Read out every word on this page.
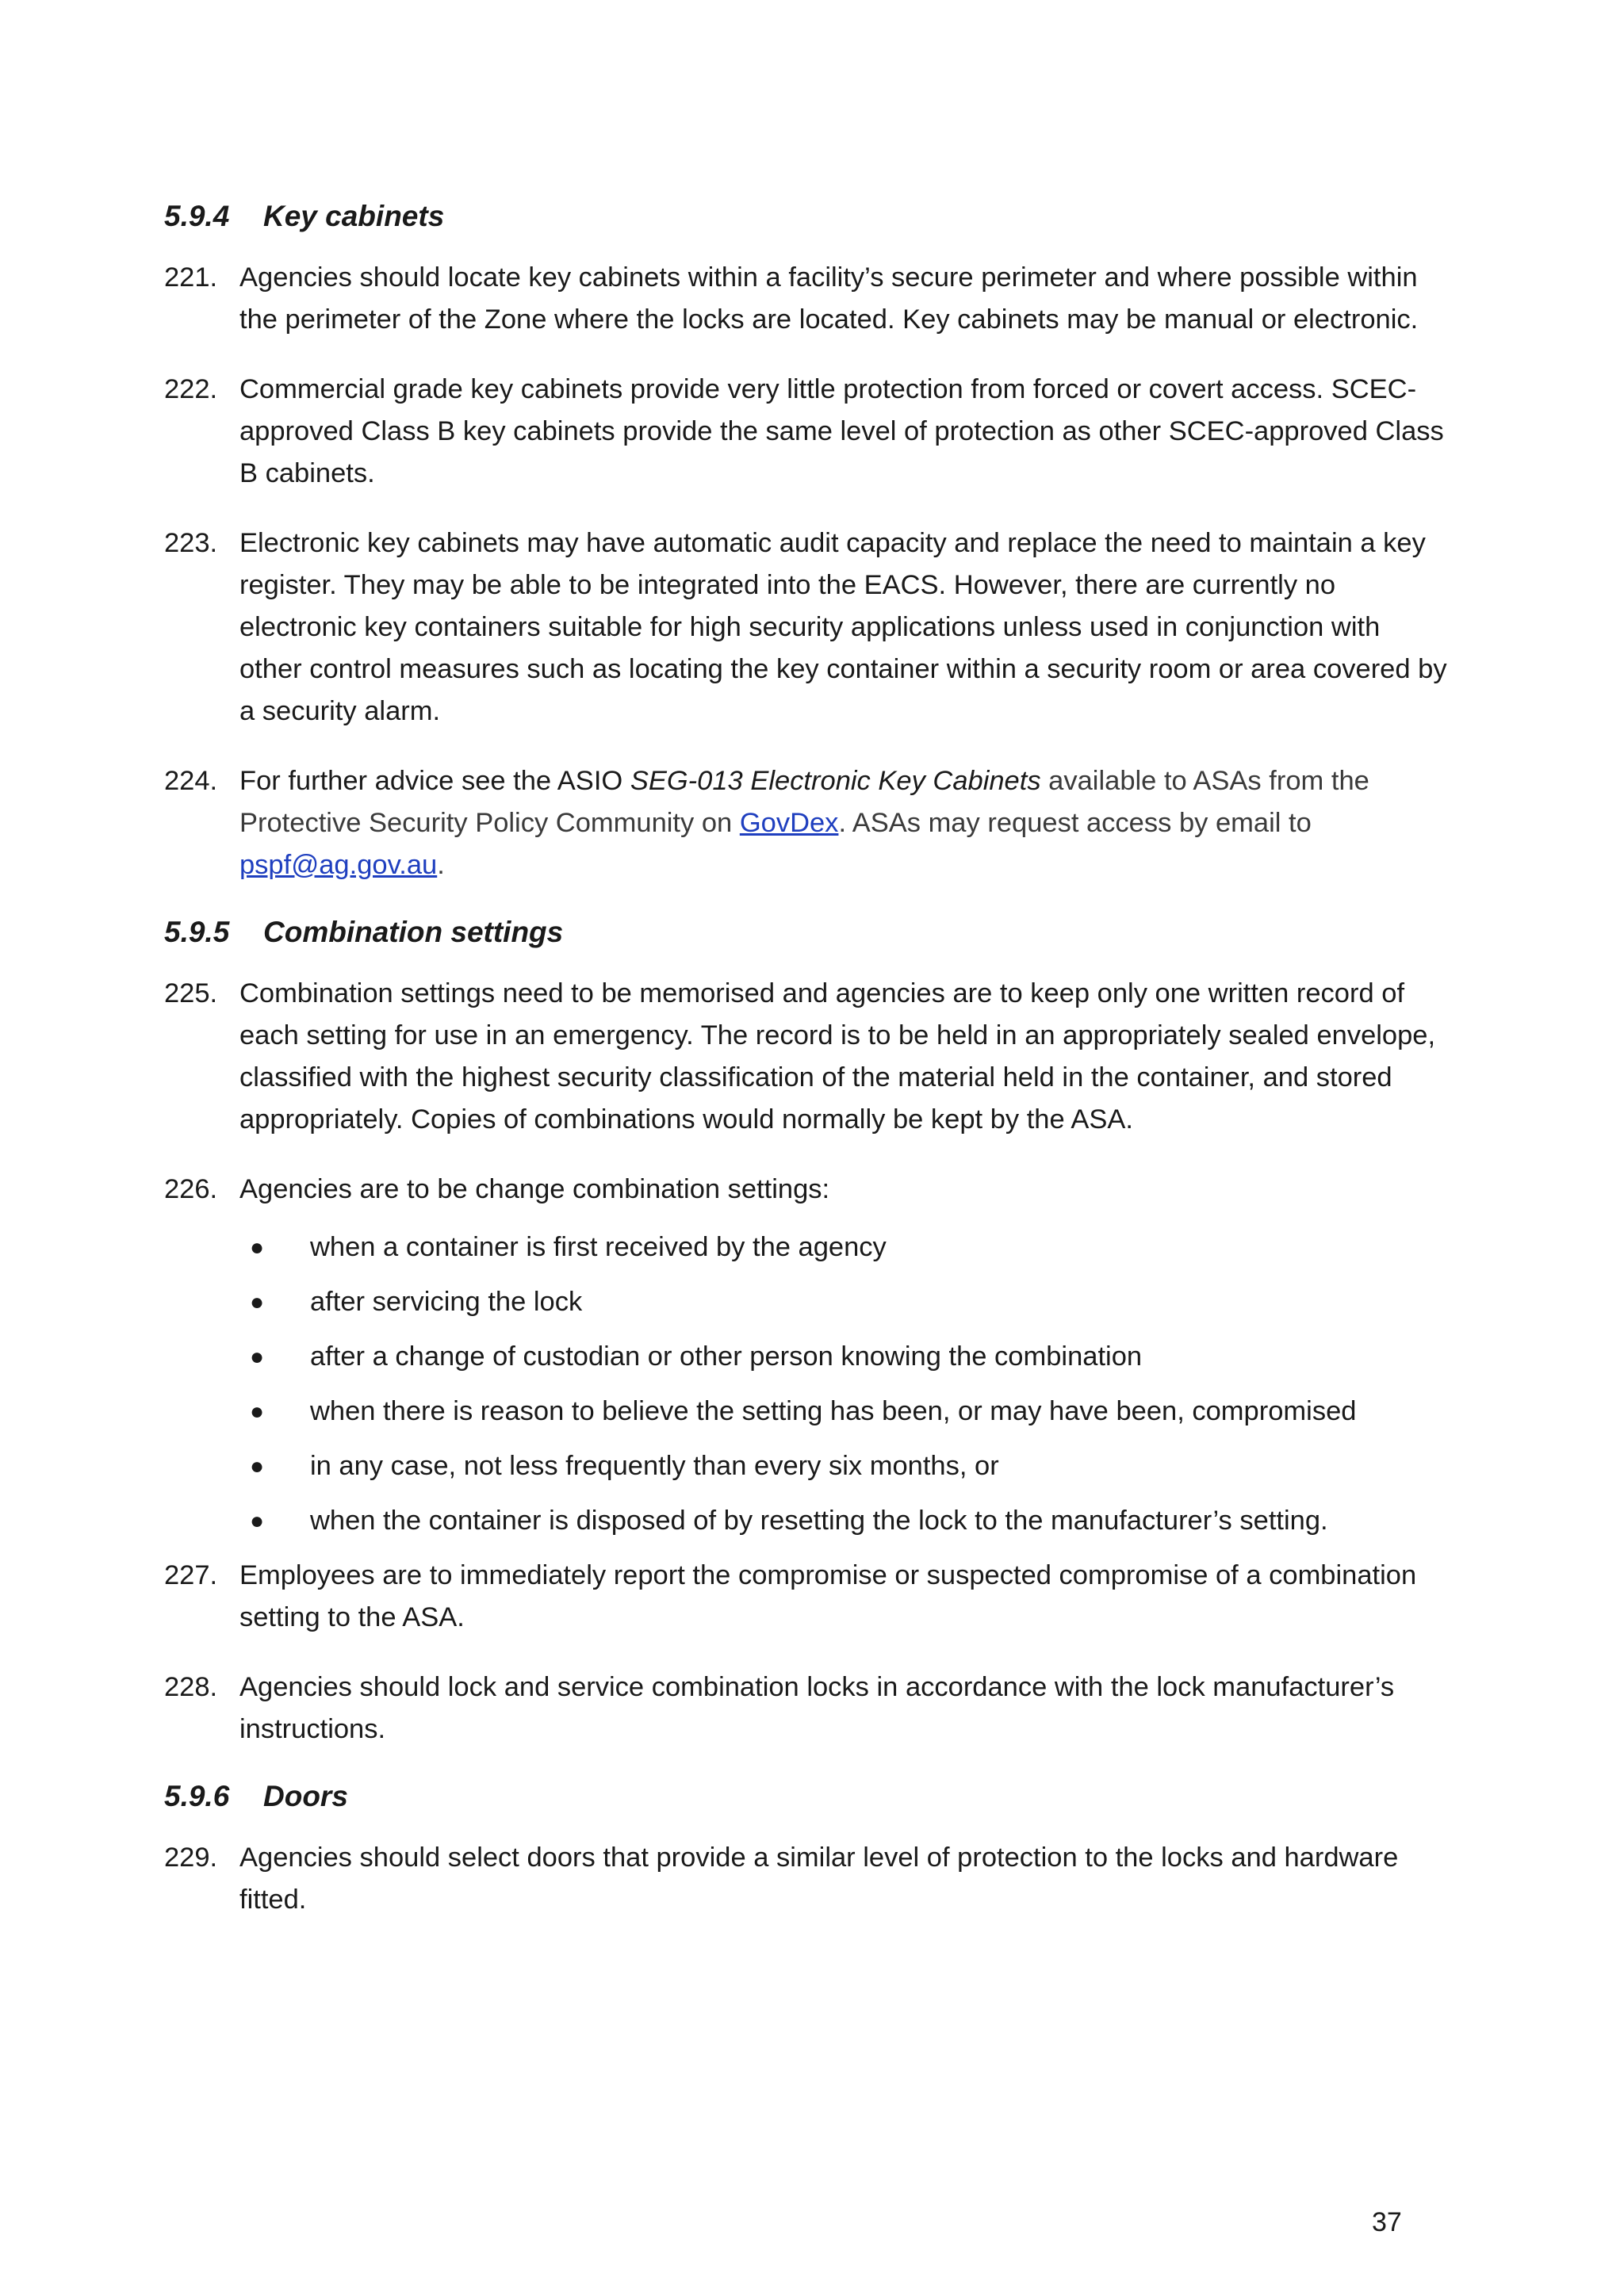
5.9.4	Key cabinets
221. Agencies should locate key cabinets within a facility’s secure perimeter and where possible within the perimeter of the Zone where the locks are located. Key cabinets may be manual or electronic.
222. Commercial grade key cabinets provide very little protection from forced or covert access. SCEC-approved Class B key cabinets provide the same level of protection as other SCEC-approved Class B cabinets.
223. Electronic key cabinets may have automatic audit capacity and replace the need to maintain a key register. They may be able to be integrated into the EACS. However, there are currently no electronic key containers suitable for high security applications unless used in conjunction with other control measures such as locating the key container within a security room or area covered by a security alarm.
224. For further advice see the ASIO SEG-013 Electronic Key Cabinets available to ASAs from the Protective Security Policy Community on GovDex. ASAs may request access by email to pspf@ag.gov.au.
5.9.5	Combination settings
225. Combination settings need to be memorised and agencies are to keep only one written record of each setting for use in an emergency. The record is to be held in an appropriately sealed envelope, classified with the highest security classification of the material held in the container, and stored appropriately. Copies of combinations would normally be kept by the ASA.
226. Agencies are to be change combination settings:
●	when a container is first received by the agency
●	after servicing the lock
●	after a change of custodian or other person knowing the combination
●	when there is reason to believe the setting has been, or may have been, compromised
●	in any case, not less frequently than every six months, or
●	when the container is disposed of by resetting the lock to the manufacturer’s setting.
227. Employees are to immediately report the compromise or suspected compromise of a combination setting to the ASA.
228. Agencies should lock and service combination locks in accordance with the lock manufacturer’s instructions.
5.9.6	Doors
229. Agencies should select doors that provide a similar level of protection to the locks and hardware fitted.
37
